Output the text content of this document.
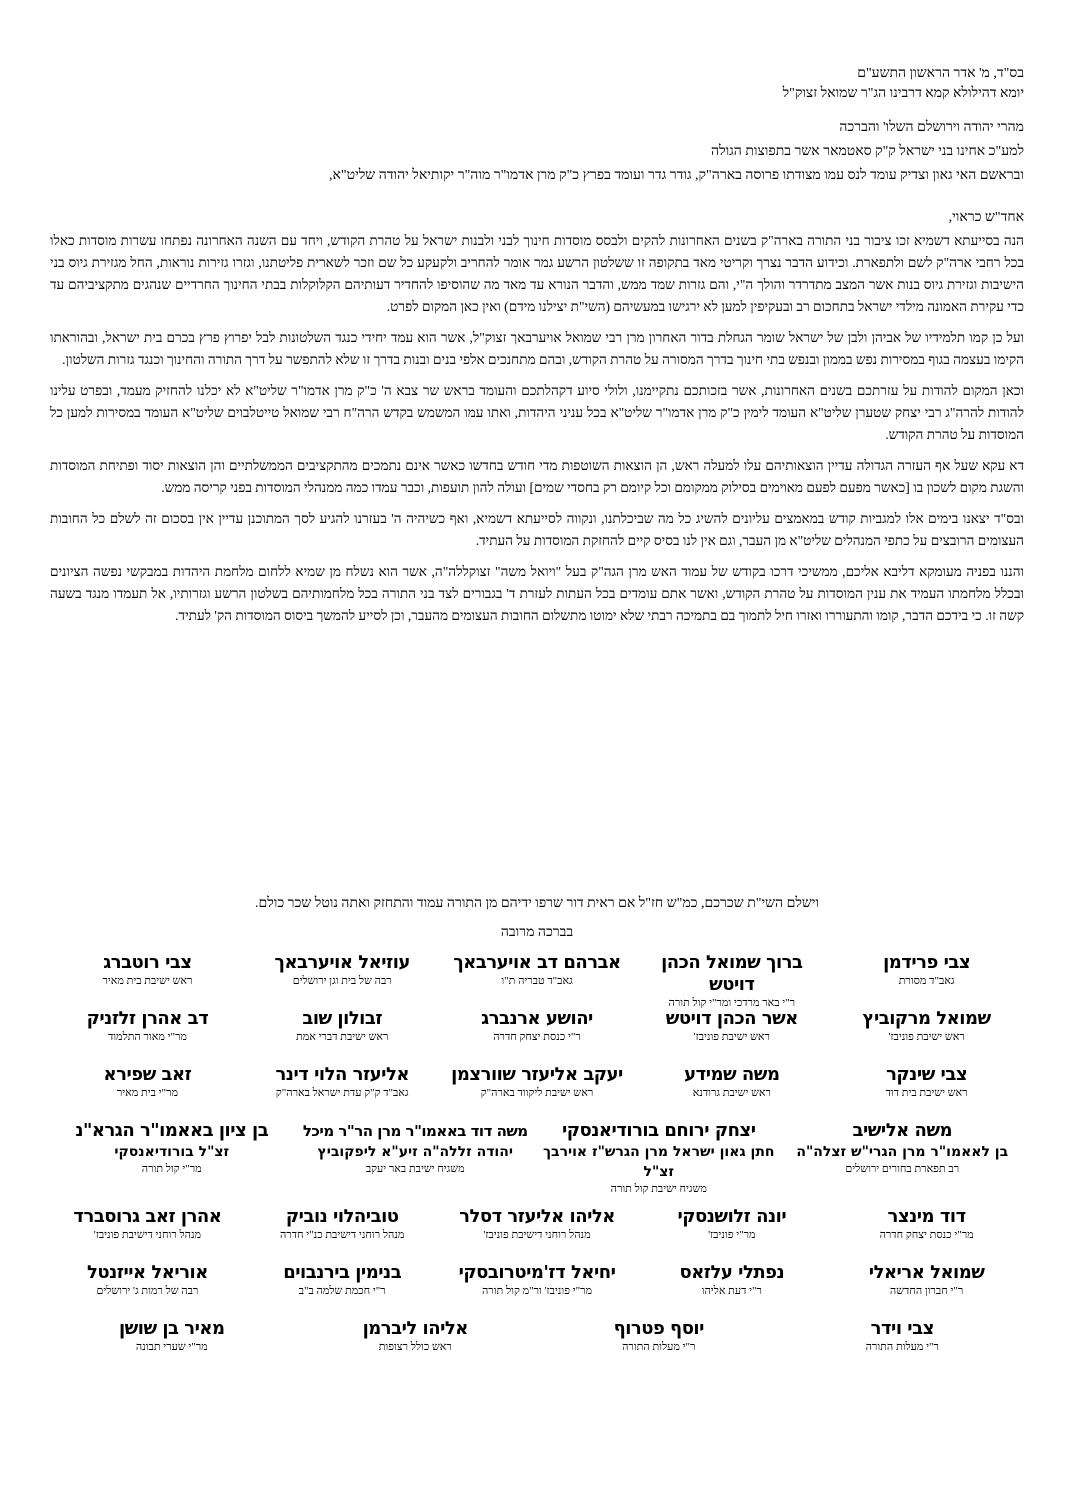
בס"ד, מ' אדר הראשון התשע"ם
יומא דהילולא קמא דרבינו הג"ר שמואל זצוק"ל
מהרי יהודה וירושלם השלו' והברכה
למע"כ אחינו בני ישראל ק"ק סאטמאר אשר בתפוצות הגולה
ובראשם האי גאון וצדיק עומד לנס עמו מצודתו פרוסה בארה"ק, גודר גדר ועומד בפרץ כ"ק מרן אדמו"ר מוה"ר יקותיאל יהודה שליט"א,
אחד"ש כראוי,

הנה בסייעתא דשמיא זכו ציבור בני התורה בארה"ק בשנים האחרונות להקים ולבסס מוסדות חינוך לבני ולבנות ישראל על טהרת הקודש, ויחד עם השנה האחרונה נפתחו עשרות מוסדות כאלו בכל רחבי ארה"ק לשם ולתפארת. וכידוע הדבר נצרך וקריטי מאד בתקופה זו ששלטון הרשע גמר אומר להחריב ולקעקע כל שם וזכר לשארית פליטתנו, וגזרו גזירות נוראות, החל מגזירת גיוס בני הישיבות וגזירת גיוס בנות אשר המצב מתדרדר והולך ה"י, והם גזרות שמד ממש, והדבר הנורא עד מאד מה שהוסיפו להחדיר דעותיהם הקלוקלות בבתי החינוך החרדיים שנהגים מתקציביהם עד כדי עקירת האמונה מילדי ישראל בתחכום רב ובעקיפין למען לא ירגישו במעשיהם (השי"ת יצילנו מידם) ואין כאן המקום לפרט.

ועל כן קמו תלמידיו של אביהן ולבן של ישראל שומר הגחלת בדור האחרון מרן רבי שמואל אויערבאך זצוק"ל, אשר הוא עמד יחידי כנגד השלטונות לבל יפרוץ פרץ בכרם בית ישראל, ובהוראתו הקימו בעצמה בגוף במסירות נפש בממון ובנפש בתי חינוך בדרך המסורה על טהרת הקודש, ובהם מתחנכים אלפי בנים ובנות בדרך זו שלא להתפשר על דרך התורה והחינוך וכנגד גזרות השלטון.

וכאן המקום להודות על עזרתכם בשנים האחרונות, אשר בזכותכם נתקיימנו, ולולי סיוע דקהלתכם והעומד בראש שר צבא ה' כ"ק מרן אדמו"ר שליט"א לא יכלנו להחזיק מעמד, ובפרט עלינו להודות להרה"ג רבי יצחק שטערן שליט"א העומד לימין כ"ק מרן אדמו"ר שליט"א בכל עניני היהדות, ואתו עמו המשמש בקדש הרה"ח רבי שמואל טייטלבוים שליט"א העומד במסירות למען כל המוסדות על טהרת הקודש.

דא עקא שעל אף העזרה הגדולה עדיין הוצאותיהם עלו למעלה ראש, הן הוצאות השוטפות מדי חודש בחדשו כאשר אינם נתמכים מהתקציבים הממשלתיים והן הוצאות יסוד ופתיחת המוסדות והשגת מקום לשכון בו [כאשר מפעם לפעם מאוימים בסילוק ממקומם וכל קיומם רק בחסדי שמים] ועולה להון תועפות, וכבר עמדו כמה ממנהלי המוסדות בפני קריסה ממש.

ובס"ד יצאנו בימים אלו למגביות קודש במאמצים עליונים להשיג כל מה שביכלתנו, ונקווה לסייעתא דשמיא, ואף כשיהיה ה' בעזרנו להגיע לסך המתוכנן עדיין אין בסכום זה לשלם כל החובות העצומים הרובצים על כתפי המנהלים שליט"א מן העבר, וגם אין לנו בסיס קיים להחזקת המוסדות על העתיד.

והננו בפניה מעומקא דליבא אליכם, ממשיכי דרכו בקודש של עמוד האש מרן הגה"ק בעל "ויואל משה" זצוקללה"ה, אשר הוא נשלח מן שמיא ללחום מלחמת היהדות במבקשי נפשה הציונים ובכלל מלחמתו העמיד את ענין המוסדות על טהרת הקודש, ואשר אתם עומדים בכל העתות לעזרת ד' בגבורים לצד בני התורה בכל מלחמותיהם בשלטון הרשע וגזרותיו, אל תעמדו מנגד בשעה קשה זו. כי בידכם הדבר, קומו והתעוררו ואזרו חיל לתמוך בם בתמיכה רבתי שלא ימוטו מתשלום החובות העצומים מהעבר, וכן לסייע להמשך ביסוס המוסדות הק' לעתיד.

וישלם השי"ת שכרכם, כמ"ש חז"ל אם ראית דור שרפו ידיהם מן התורה עמוד והתחזק ואתה נוטל שכר כולם.
בברכה מרובה
צבי פרידמן
גאב"ד מסורת
ברוך שמואל הכהן דויטש
ר"י באר מרדכי ומר"י קול תורה
אברהם דב אויערבאך
גאב"ד טבריה ת"ו
עוזיאל אויערבאך
רבה של בית וגן ירושלים
צבי רוטברג
ראש ישיבת בית מאיר
שמואל מרקוביץ
ראש ישיבת פוניבז'
אשר הכהן דויטש
ראש ישיבת פוניבז'
יהושע ארנברג
ר"י כנסת יצחק חדרה
זבולון שוב
ראש ישיבת דברי אמת
דב אהרן זלזניק
מר"י מאור התלמוד
צבי שינקר
ראש ישיבת בית דוד
משה שמידע
ראש ישיבת גרודנא
יעקב אליעזר שוורצמן
ראש ישיבת ליקווד בארה"ק
אליעזר הלוי דינר
גאב"ד ק"ק עדת ישראל בארה"ק
זאב שפירא
מר"י בית מאיר
משה אלישיב
בן לאאמו"ר מרן הגרי"ש זצלה"ה
רב תפארת בחורים ירושלים
יצחק ירוחם בורודיאנסקי
חתן גאון ישראל מרן הגרש"ז אוירבך זצ"ל
משגיח ישיבת קול תורה
משה דוד באאמו"ר מרן הר"ר מיכל
יהודה זללה"ה זיע"א ליפקוביץ
משגיח ישיבת באר יעקב
בן ציון באאמו"ר הגרא"נ
זצ"ל בורודיאנסקי
מר"י קול תורה
דוד מינצר
מר"י כנסת יצחק חדרה
יונה זלושנסקי
מר"י פוניבז'
אליהו אליעזר דסלר
מנהל רוחני דישיבת פוניבז'
טוביהלוי נוביק
מנהל רוחני דישיבת כנ"י חדרה
אהרן זאב גרוסברד
מנהל רוחני דישיבת פוניבז'
שמואל אריאלי
ר"י חברון החדשה
נפתלי עלזאס
ר"י דעת אליהו
יחיאל דז'מיטרובסקי
מר"י פוניבז' ור"מ קול תורה
בנימין בירנבוים
ר"י חכמת שלמה ב"ב
אוריאל אייזנטל
רבה של רמות ג' ירושלים
צבי וידר
ר"י מעלות התורה
יוסף פטרוף
ר"י מעלות התורה
אליהו ליברמן
ראש כולל רצופות
מאיר בן שושן
מר"י שערי תבונה
